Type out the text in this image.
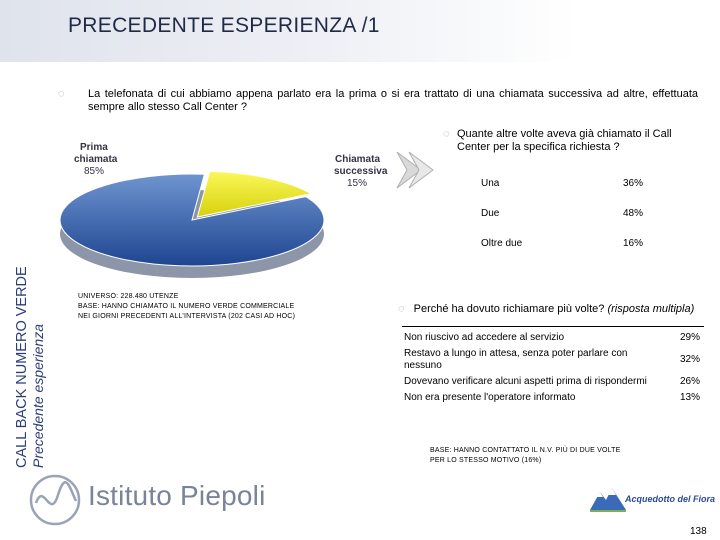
PRECEDENTE ESPERIENZA /1
CALL BACK NUMERO VERDE Precedente esperienza
◌ La telefonata di cui abbiamo appena parlato era la prima o si era trattato di una chiamata successiva ad altre, effettuata sempre allo stesso Call Center ?
Prima
chiamata
85%
Chiamata
successiva
15%
◌ Quante altre volte aveva già chiamato il Call Center per la specifica richiesta ?
Una	36%
Due	48%
Oltre due	16%
UNIVERSO: 228.480 UTENZE
BASE: HANNO CHIAMATO IL NUMERO VERDE COMMERCIALE
NEI GIORNI PRECEDENTI ALL’INTERVISTA (202 CASI AD HOC)
◌ Perché ha dovuto richiamare più volte? (risposta multipla)
Non riuscivo ad accedere al servizio	29%
Restavo a lungo in attesa, senza poter parlare con nessuno	32%
Dovevano verificare alcuni aspetti prima di rispondermi	26%
Non era presente l'operatore informato	13%
BASE: HANNO CONTATTATO IL N.V. PIÙ DI DUE VOLTE
PER LO STESSO MOTIVO (16%)
Istituto Piepoli	Acquedotto del Fiora
138
